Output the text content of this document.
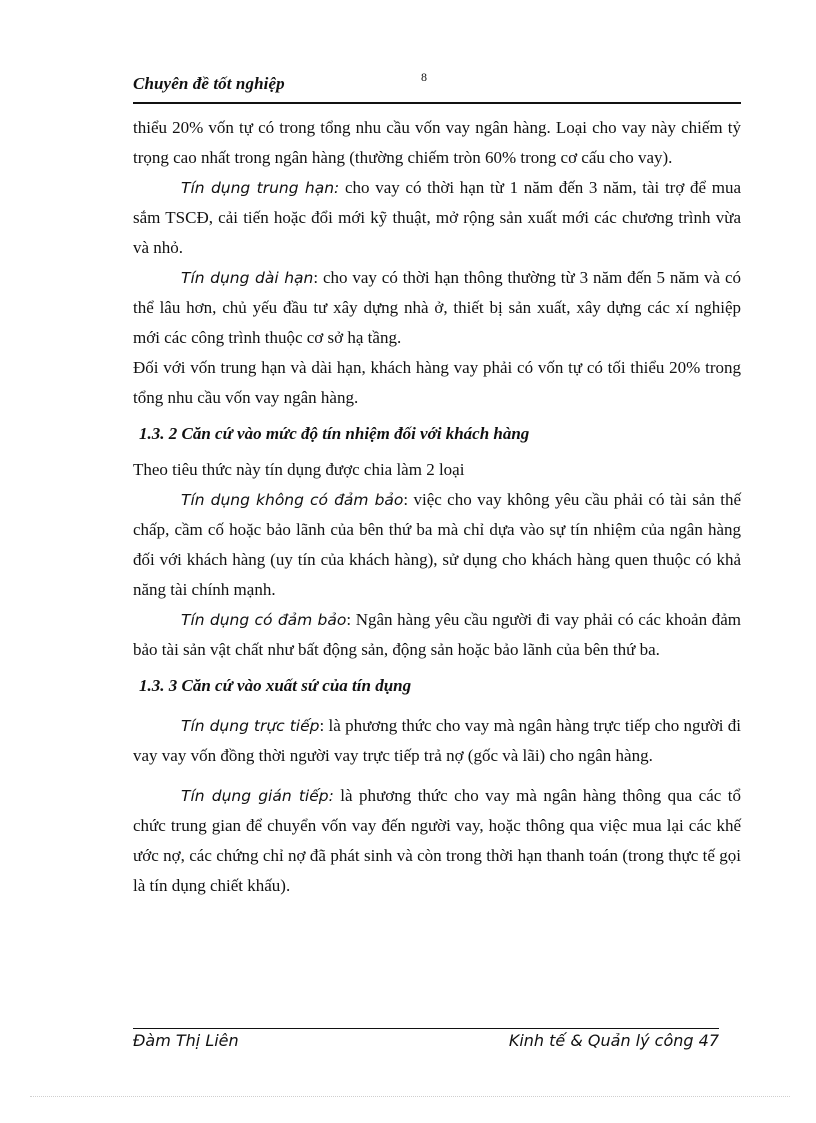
Chuyên đề tốt nghiệp	8

thiểu 20% vốn tự có trong tổng nhu cầu vốn vay ngân hàng. Loại cho vay này chiếm tỷ trọng cao nhất trong ngân hàng (thường chiếm tròn 60% trong cơ cấu cho vay).

Tín dụng trung hạn: cho vay có thời hạn từ 1 năm đến 3 năm, tài trợ để mua sắm TSCĐ, cải tiến hoặc đổi mới kỹ thuật, mở rộng sản xuất mới các chương trình vừa và nhỏ.

Tín dụng dài hạn: cho vay có thời hạn thông thường từ 3 năm đến 5 năm và có thể lâu hơn, chủ yếu đầu tư xây dựng nhà ở, thiết bị sản xuất, xây dựng các xí nghiệp mới các công trình thuộc cơ sở hạ tầng.

Đối với vốn trung hạn và dài hạn, khách hàng vay phải có vốn tự có tối thiểu 20% trong tổng nhu cầu vốn vay ngân hàng.

1.3. 2 Căn cứ vào mức độ tín nhiệm đối với khách hàng

Theo tiêu thức này tín dụng được chia làm 2 loại

Tín dụng không có đảm bảo: việc cho vay không yêu cầu phải có tài sản thế chấp, cầm cố hoặc bảo lãnh của bên thứ ba mà chỉ dựa vào sự tín nhiệm của ngân hàng đối với khách hàng (uy tín của khách hàng), sử dụng cho khách hàng quen thuộc có khả năng tài chính mạnh.

Tín dụng có đảm bảo: Ngân hàng yêu cầu người đi vay phải có các khoản đảm bảo tài sản vật chất như bất động sản, động sản hoặc bảo lãnh của bên thứ ba.

1.3. 3 Căn cứ vào xuất sứ của tín dụng

Tín dụng trực tiếp: là phương thức cho vay mà ngân hàng trực tiếp cho người đi vay vay vốn đồng thời người vay trực tiếp trả nợ (gốc và lãi) cho ngân hàng.

Tín dụng gián tiếp: là phương thức cho vay mà ngân hàng thông qua các tổ chức trung gian để chuyển vốn vay đến người vay, hoặc thông qua việc mua lại các khế ước nợ, các chứng chỉ nợ đã phát sinh và còn trong thời hạn thanh toán (trong thực tế gọi là tín dụng chiết khấu).

Đàm Thị Liên	Kinh tế & Quản lý công 47
